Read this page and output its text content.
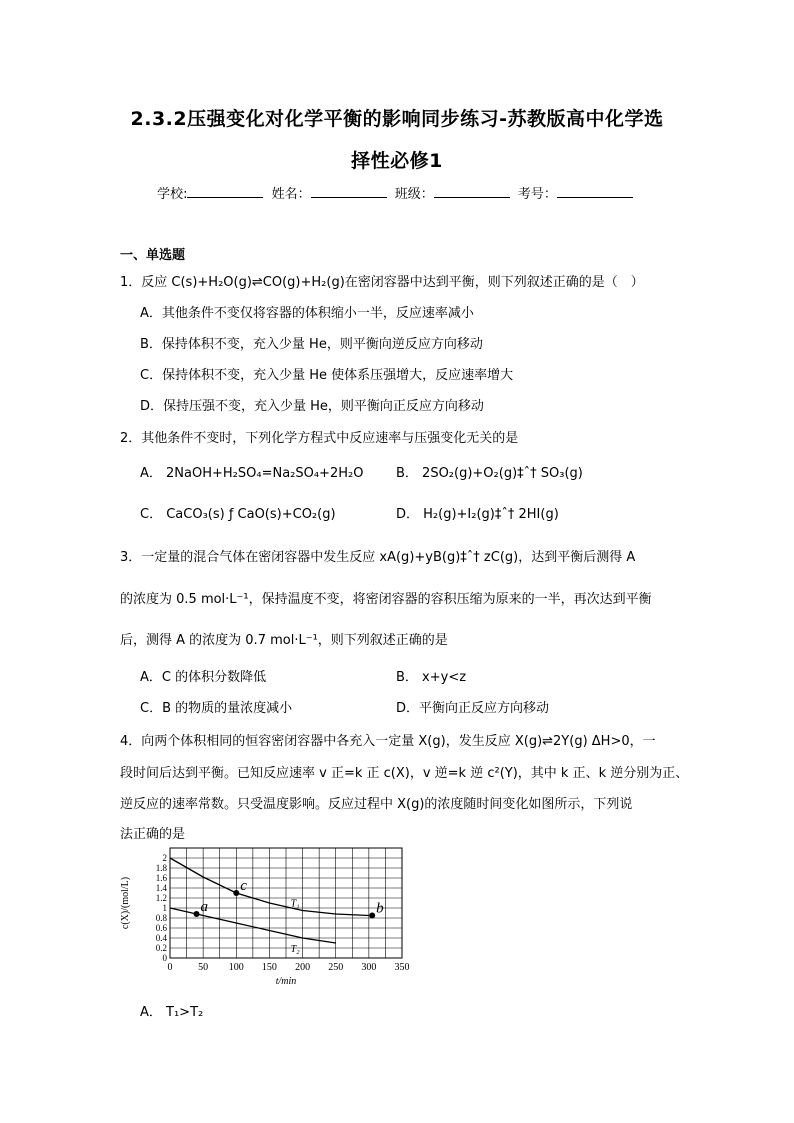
2.3.2压强变化对化学平衡的影响同步练习-苏教版高中化学选
择性必修1
学校:	姓名：	班级：	考号：
一、单选题
1．反应 C(s)+H₂O(g)⇌CO(g)+H₂(g)在密闭容器中达到平衡，则下列叙述正确的是（　）
A．其他条件不变仅将容器的体积缩小一半，反应速率减小
B．保持体积不变，充入少量 He，则平衡向逆反应方向移动
C．保持体积不变，充入少量 He 使体系压强增大，反应速率增大
D．保持压强不变，充入少量 He，则平衡向正反应方向移动
2．其他条件不变时，下列化学方程式中反应速率与压强变化无关的是
A． 2NaOH+H₂SO₄=Na₂SO₄+2H₂O	B． 2SO₂(g)+O₂(g)‡ˆ† SO₃(g)
C． CaCO₃(s) ƒ CaO(s)+CO₂(g)	D． H₂(g)+I₂(g)‡ˆ† 2HI(g)
3．一定量的混合气体在密闭容器中发生反应 xA(g)+yB(g)‡ˆ† zC(g)，达到平衡后测得 A
的浓度为 0.5 mol·L⁻¹，保持温度不变，将密闭容器的容积压缩为原来的一半，再次达到平衡
后，测得 A 的浓度为 0.7 mol·L⁻¹，则下列叙述正确的是
A．C 的体积分数降低	B． x+y<z
C．B 的物质的量浓度减小	D．平衡向正反应方向移动
4．向两个体积相同的恒容密闭容器中各充入一定量 X(g)，发生反应 X(g)⇌2Y(g) ΔH>0，一
段时间后达到平衡。已知反应速率 v 正=k 正 c(X)，v 逆=k 逆 c²(Y)，其中 k 正、k 逆分别为正、
逆反应的速率常数。只受温度影响。反应过程中 X(g)的浓度随时间变化如图所示，下列说
法正确的是
0	50 100 150 200 250 300 350
0
0.2
0.4
0.6
0.8
1
1.2
1.4
1.6
1.8
2
t/min
c(X)/(mol/L)	T₁
T₂
a
c
b
A． T₁>T₂
